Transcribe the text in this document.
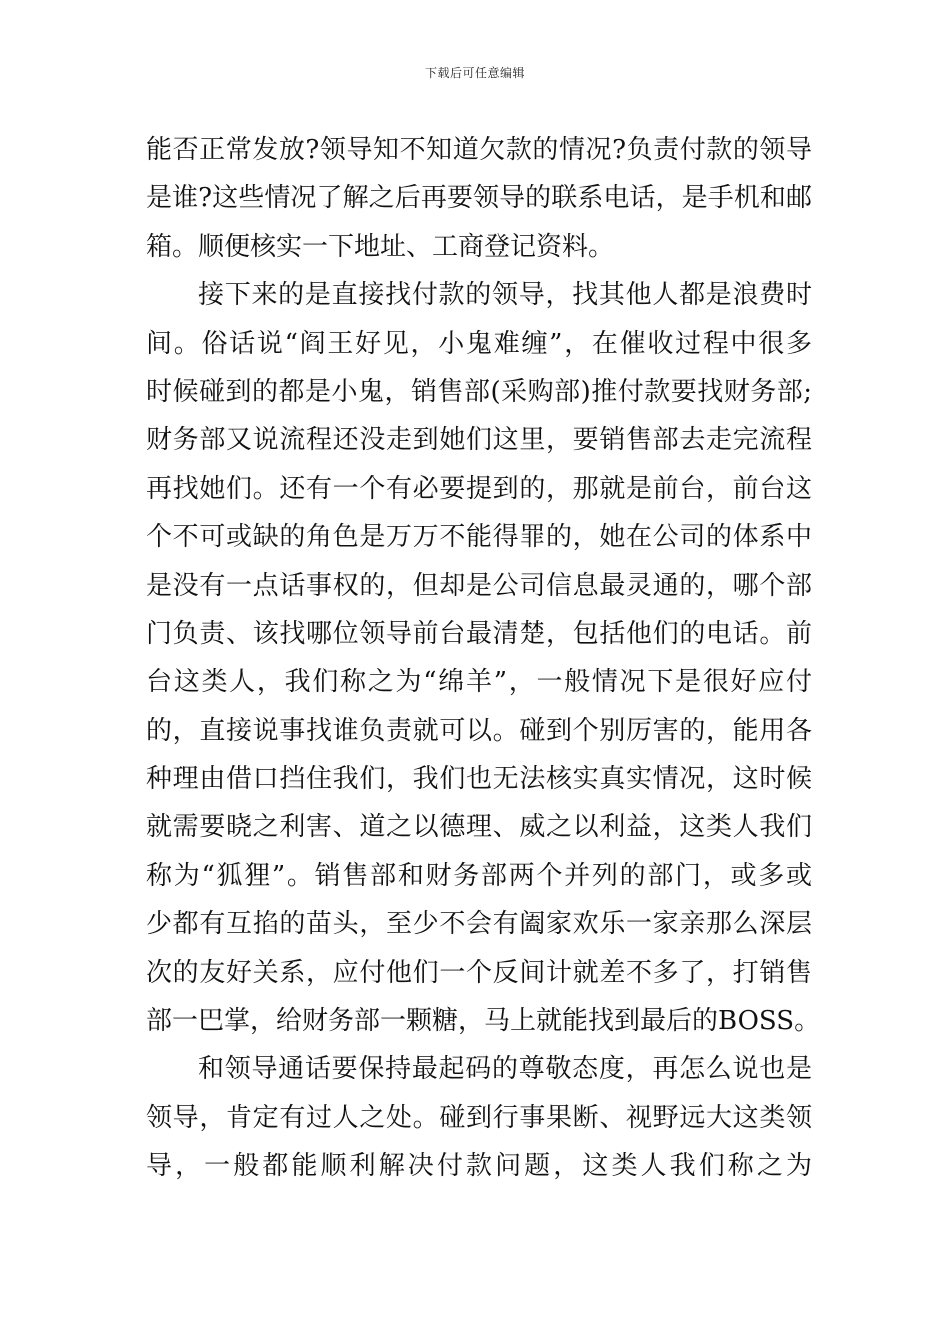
下载后可任意编辑
能否正常发放?领导知不知道欠款的情况?负责付款的领导
是谁?这些情况了解之后再要领导的联系电话，是手机和邮
箱。顺便核实一下地址、工商登记资料。
接下来的是直接找付款的领导，找其他人都是浪费时
间。俗话说“阎王好见，小鬼难缠”，在催收过程中很多
时候碰到的都是小鬼，销售部(采购部)推付款要找财务部;
财务部又说流程还没走到她们这里，要销售部去走完流程
再找她们。还有一个有必要提到的，那就是前台，前台这
个不可或缺的角色是万万不能得罪的，她在公司的体系中
是没有一点话事权的，但却是公司信息最灵通的，哪个部
门负责、该找哪位领导前台最清楚，包括他们的电话。前
台这类人，我们称之为“绵羊”，一般情况下是很好应付
的，直接说事找谁负责就可以。碰到个别厉害的，能用各
种理由借口挡住我们，我们也无法核实真实情况，这时候
就需要晓之利害、道之以德理、威之以利益，这类人我们
称为“狐狸”。销售部和财务部两个并列的部门，或多或
少都有互掐的苗头，至少不会有阖家欢乐一家亲那么深层
次的友好关系，应付他们一个反间计就差不多了，打销售
部一巴掌，给财务部一颗糖，马上就能找到最后的BOSS。
和领导通话要保持最起码的尊敬态度，再怎么说也是
领导，肯定有过人之处。碰到行事果断、视野远大这类领
导，一般都能顺利解决付款问题，这类人我们称之为
